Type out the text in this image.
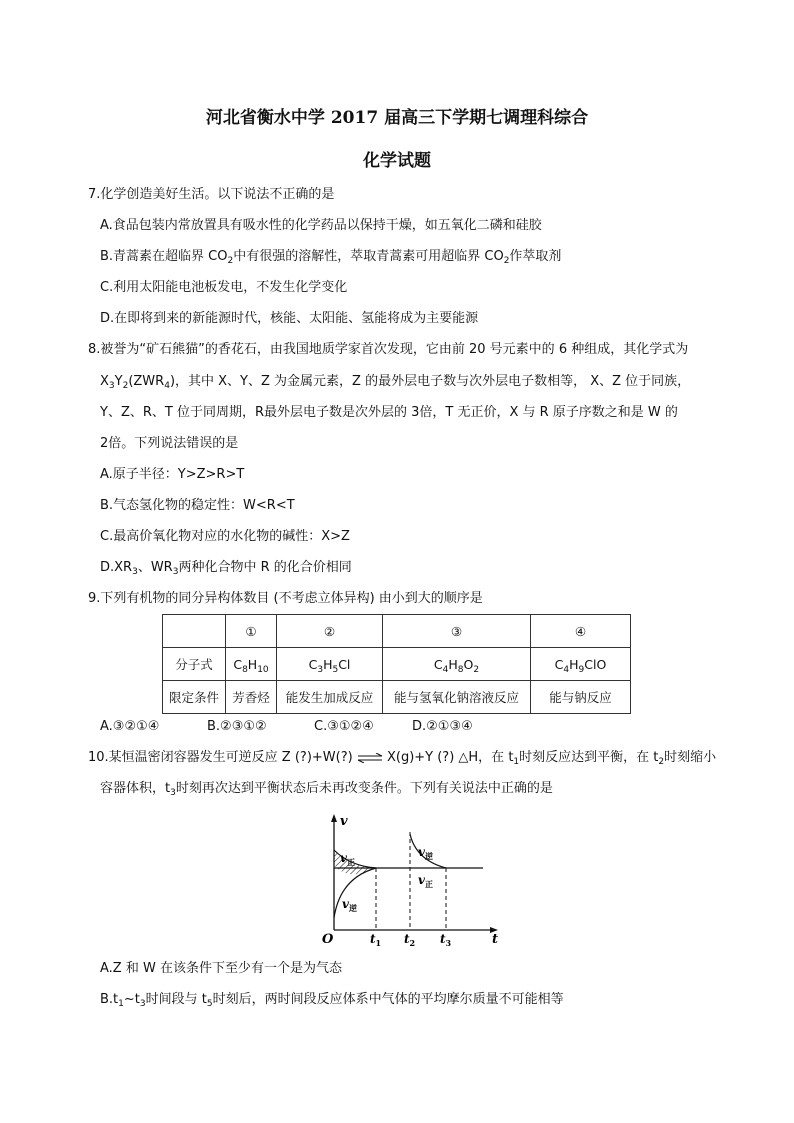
河北省衡水中学 2017 届高三下学期七调理科综合
化学试题
7.化学创造美好生活。以下说法不正确的是
A.食品包装内常放置具有吸水性的化学药品以保持干燥，如五氧化二磷和硅胶
B.青蒿素在超临界 $CO_2$中有很强的溶解性，萃取青蒿素可用超临界 $CO_2$作萃取剂
C.利用太阳能电池板发电，不发生化学变化
D.在即将到来的新能源时代，核能、太阳能、氢能将成为主要能源
8.被誉为“矿石熊猫”的香花石，由我国地质学家首次发现，它由前 20 号元素中的 6 种组成，其化学式为
$X_3Y_2(ZWR_4)$，其中 X、Y、Z 为金属元素，Z 的最外层电子数与次外层电子数相等， X、Z 位于同族，
Y、Z、R、T 位于同周期，R最外层电子数是次外层的 3倍，T 无正价，X 与 R 原子序数之和是 W 的
2倍。下列说法错误的是
A.原子半径：Y>Z>R>T
B.气态氢化物的稳定性：W<R<T
C.最高价氧化物对应的水化物的碱性：X>Z
$D.XR_3$、$WR_3$两种化合物中 R 的化合价相同
9.下列有机物的同分异构体数目 (不考虑立体异构) 由小到大的顺序是
	①	②	③	④
分子式	$C_8H_{10}$	$C_3H_5Cl$	$C_4H_8O_2$	$C_4H_9ClO$
限定条件	芳香烃	能发生加成反应	能与氢氧化钠溶液反应	能与钠反应
A.③②①④	B.②③①②	C.③①②④	D.②①③④
10.某恒温密闭容器发生可逆反应 Z (?)+W(?) ⇌ X(g)+Y (?) △H，在 $t_1$时刻反应达到平衡，在 $t_2$时刻缩小
容器体积，$t_3$时刻再次达到平衡状态后未再改变条件。下列有关说法中正确的是
v
t
O
$v_正$
$v_逆$
$v_逆$
$v_正$
$t_1$ $t_2$ $t_3$
A.Z 和 W 在该条件下至少有一个是为气态
$B.t_1\sim t_3$时间段与 $t_5$时刻后，两时间段反应体系中气体的平均摩尔质量不可能相等
